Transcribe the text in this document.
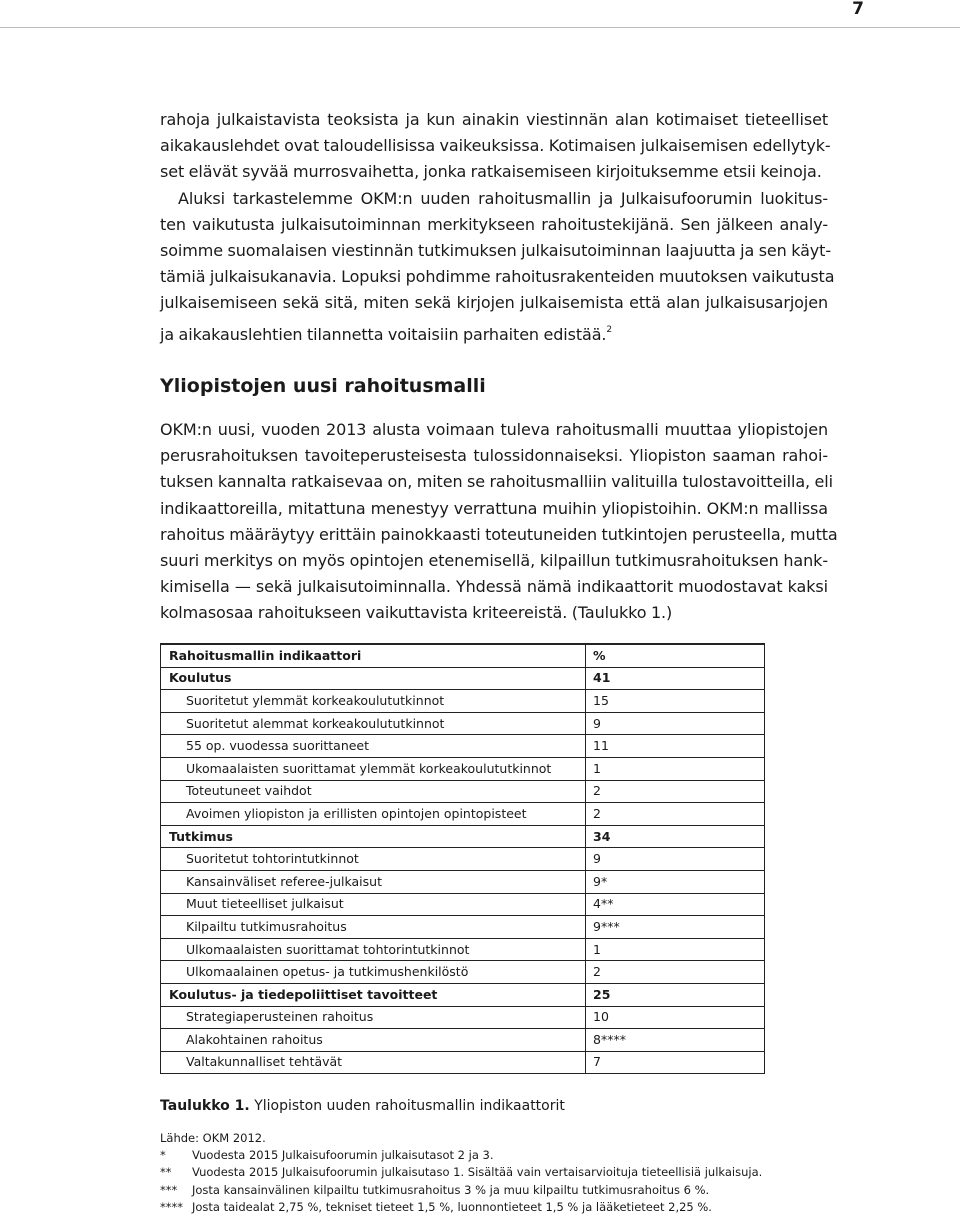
7

rahoja julkaistavista teoksista ja kun ainakin viestinnän alan kotimaiset tieteelliset
aikakauslehdet ovat taloudellisissa vaikeuksissa. Kotimaisen julkaisemisen edellytyk-
set elävät syvää murrosvaihetta, jonka ratkaisemiseen kirjoituksemme etsii keinoja.

Aluksi tarkastelemme OKM:n uuden rahoitusmallin ja Julkaisufoorumin luokitus-
ten vaikutusta julkaisutoiminnan merkitykseen rahoitustekijänä. Sen jälkeen analy-
soimme suomalaisen viestinnän tutkimuksen julkaisutoiminnan laajuutta ja sen käyt-
tämiä julkaisukanavia. Lopuksi pohdimme rahoitusrakenteiden muutoksen vaikutusta
julkaisemiseen sekä sitä, miten sekä kirjojen julkaisemista että alan julkaisusarjojen
ja aikakauslehtien tilannetta voitaisiin parhaiten edistää.$^2$

Yliopistojen uusi rahoitusmalli

OKM:n uusi, vuoden 2013 alusta voimaan tuleva rahoitusmalli muuttaa yliopistojen
perusrahoituksen tavoiteperusteisesta tulossidonnaiseksi. Yliopiston saaman rahoi-
tuksen kannalta ratkaisevaa on, miten se rahoitusmalliin valituilla tulostavoitteilla, eli
indikaattoreilla, mitattuna menestyy verrattuna muihin yliopistoihin. OKM:n mallissa
rahoitus määräytyy erittäin painokkaasti toteutuneiden tutkintojen perusteella, mutta
suuri merkitys on myös opintojen etenemisellä, kilpaillun tutkimusrahoituksen hank-
kimisella — sekä julkaisutoiminnalla. Yhdessä nämä indikaattorit muodostavat kaksi
kolmasosaa rahoitukseen vaikuttavista kriteereistä. (Taulukko 1.)

Rahoitusmallin indikaattori	%
Koulutus	41
Suoritetut ylemmät korkeakoulututkinnot	15
Suoritetut alemmat korkeakoulututkinnot	9
55 op. vuodessa suorittaneet	11
Ukomaalaisten suorittamat ylemmät korkeakoulututkinnot	1
Toteutuneet vaihdot	2
Avoimen yliopiston ja erillisten opintojen opintopisteet	2
Tutkimus	34
Suoritetut tohtorintutkinnot	9
Kansainväliset referee-julkaisut	9*
Muut tieteelliset julkaisut	4**
Kilpailtu tutkimusrahoitus	9***
Ulkomaalaisten suorittamat tohtorintutkinnot	1
Ulkomaalainen opetus- ja tutkimushenkilöstö	2
Koulutus- ja tiedepoliittiset tavoitteet	25
Strategiaperusteinen rahoitus	10
Alakohtainen rahoitus	8****
Valtakunnalliset tehtävät	7
Taulukko 1. Yliopiston uuden rahoitusmallin indikaattorit
Lähde: OKM 2012.
* Vuodesta 2015 Julkaisufoorumin julkaisutasot 2 ja 3.
** Vuodesta 2015 Julkaisufoorumin julkaisutaso 1. Sisältää vain vertaisarvioituja tieteellisiä julkaisuja.
*** Josta kansainvälinen kilpailtu tutkimusrahoitus 3 % ja muu kilpailtu tutkimusrahoitus 6 %.
**** Josta taidealat 2,75 %, tekniset tieteet 1,5 %, luonnontieteet 1,5 % ja lääketieteet 2,25 %.
